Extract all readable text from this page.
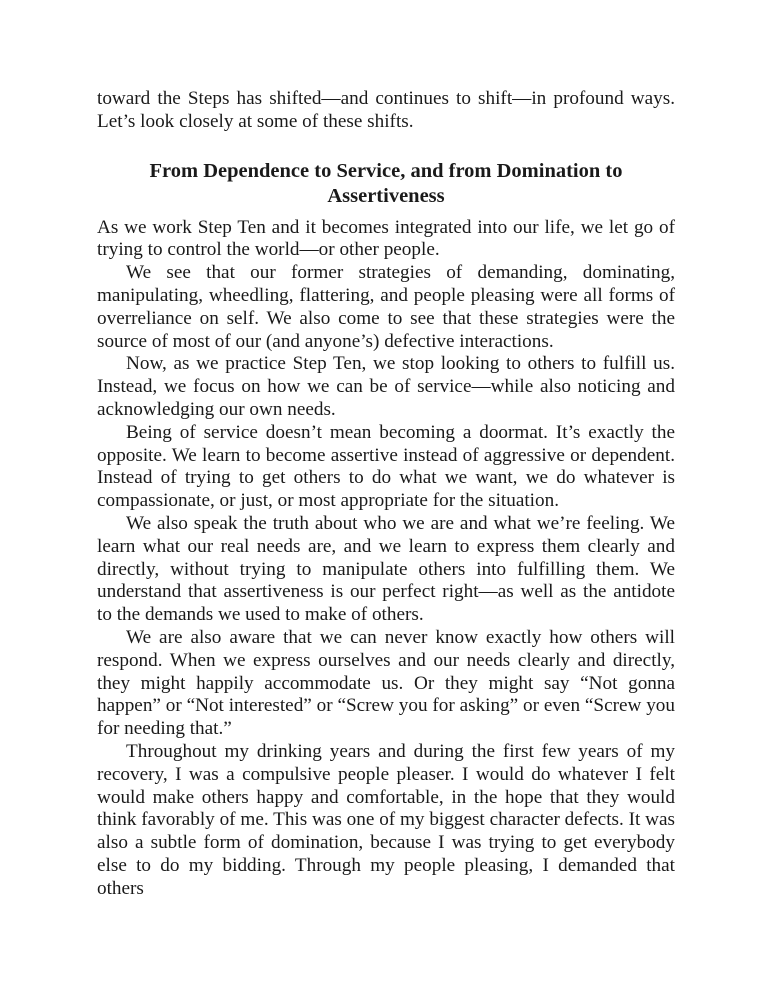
toward the Steps has shifted—and continues to shift—in profound ways. Let’s look closely at some of these shifts.

From Dependence to Service, and from Domination to
Assertiveness

As we work Step Ten and it becomes integrated into our life, we let go of trying to control the world—or other people.

We see that our former strategies of demanding, dominating, manipulating, wheedling, flattering, and people pleasing were all forms of overreliance on self. We also come to see that these strategies were the source of most of our (and anyone’s) defective interactions.

Now, as we practice Step Ten, we stop looking to others to fulfill us. Instead, we focus on how we can be of service—while also noticing and acknowledging our own needs.

Being of service doesn’t mean becoming a doormat. It’s exactly the opposite. We learn to become assertive instead of aggressive or dependent. Instead of trying to get others to do what we want, we do whatever is compassionate, or just, or most appropriate for the situation.

We also speak the truth about who we are and what we’re feeling. We learn what our real needs are, and we learn to express them clearly and directly, without trying to manipulate others into fulfilling them. We understand that assertiveness is our perfect right—as well as the antidote to the demands we used to make of others.

We are also aware that we can never know exactly how others will respond. When we express ourselves and our needs clearly and directly, they might happily accommodate us. Or they might say “Not gonna happen” or “Not interested” or “Screw you for asking” or even “Screw you for needing that.”

Throughout my drinking years and during the first few years of my recovery, I was a compulsive people pleaser. I would do whatever I felt would make others happy and comfortable, in the hope that they would think favorably of me. This was one of my biggest character defects. It was also a subtle form of domination, because I was trying to get everybody else to do my bidding. Through my people pleasing, I demanded that others
